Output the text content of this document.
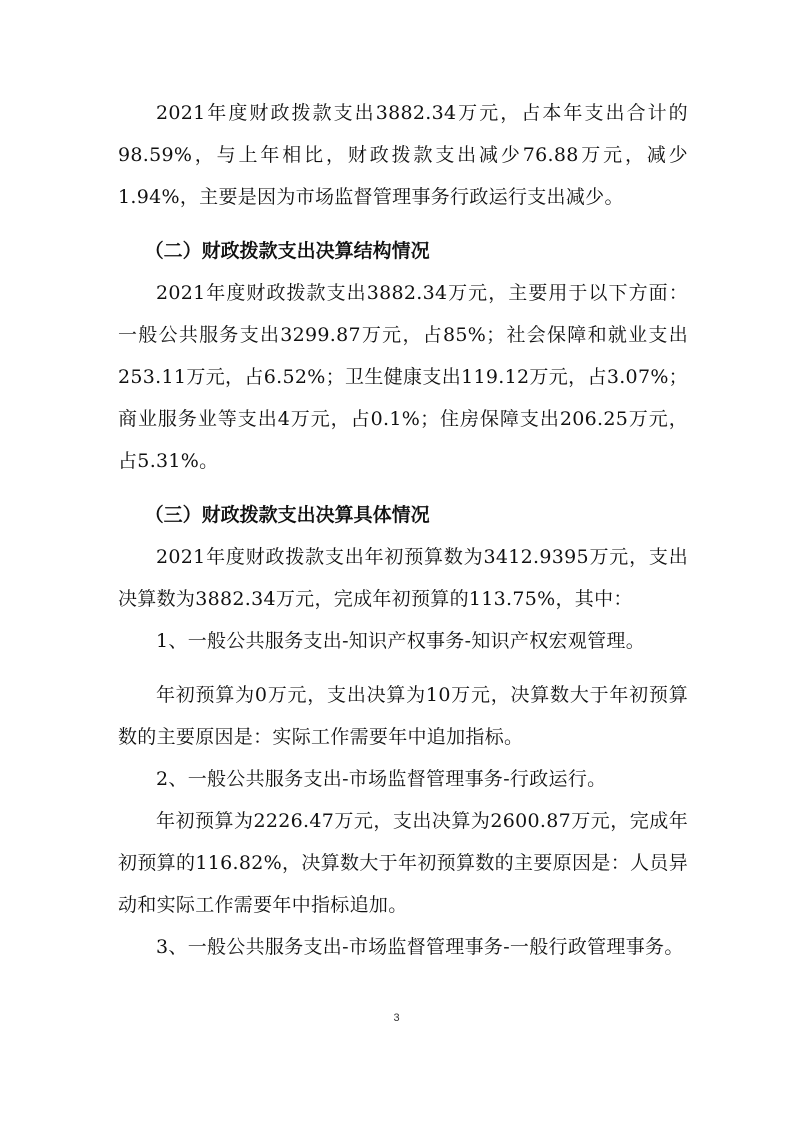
2021年度财政拨款支出3882.34万元，占本年支出合计的98.59%，与上年相比，财政拨款支出减少76.88万元，减少1.94%，主要是因为市场监督管理事务行政运行支出减少。

（二）财政拨款支出决算结构情况

2021年度财政拨款支出3882.34万元，主要用于以下方面：一般公共服务支出3299.87万元，占85%；社会保障和就业支出253.11万元，占6.52%；卫生健康支出119.12万元，占3.07%；商业服务业等支出4万元，占0.1%；住房保障支出206.25万元，占5.31%。

（三）财政拨款支出决算具体情况

2021年度财政拨款支出年初预算数为3412.9395万元，支出决算数为3882.34万元，完成年初预算的113.75%，其中：

1、一般公共服务支出-知识产权事务-知识产权宏观管理。

年初预算为0万元，支出决算为10万元，决算数大于年初预算数的主要原因是：实际工作需要年中追加指标。

2、一般公共服务支出-市场监督管理事务-行政运行。

年初预算为2226.47万元，支出决算为2600.87万元，完成年初预算的116.82%，决算数大于年初预算数的主要原因是：人员异动和实际工作需要年中指标追加。

3、一般公共服务支出-市场监督管理事务-一般行政管理事务。

3
